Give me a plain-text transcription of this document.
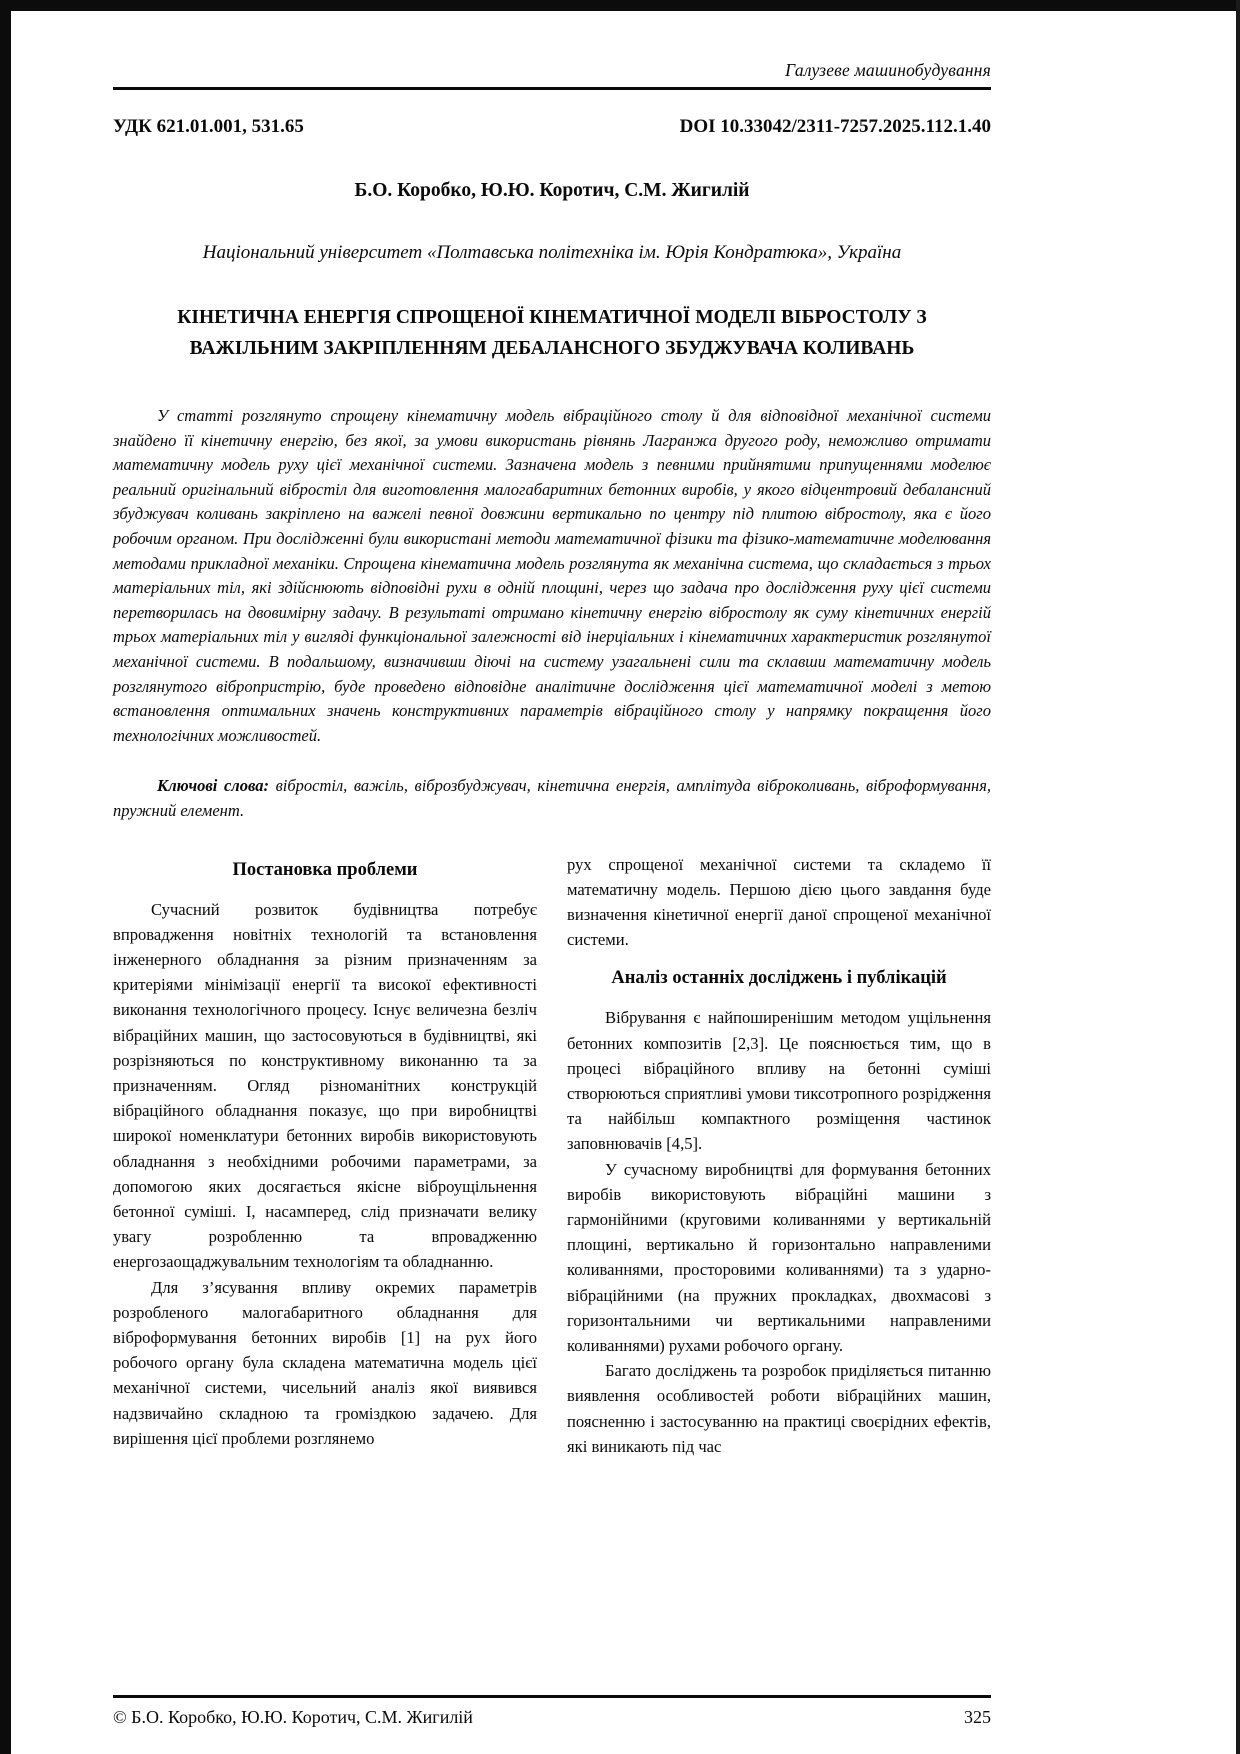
Галузеве машинобудування
УДК 621.01.001, 531.65	DOI 10.33042/2311-7257.2025.112.1.40
Б.О. Коробко, Ю.Ю. Коротич, С.М. Жигилій
Національний університет «Полтавська політехніка ім. Юрія Кондратюка», Україна
КІНЕТИЧНА ЕНЕРГІЯ СПРОЩЕНОЇ КІНЕМАТИЧНОЇ МОДЕЛІ ВІБРОСТОЛУ З ВАЖІЛЬНИМ ЗАКРІПЛЕННЯМ ДЕБАЛАНСНОГО ЗБУДЖУВАЧА КОЛИВАНЬ

У статті розглянуто спрощену кінематичну модель вібраційного столу й для відповідної механічної системи знайдено її кінетичну енергію, без якої, за умови використань рівнянь Лагранжа другого роду, неможливо отримати математичну модель руху цієї механічної системи. Зазначена модель з певними прийнятими припущеннями моделює реальний оригінальний вібростіл для виготовлення малогабаритних бетонних виробів, у якого відцентровий дебалансний збуджувач коливань закріплено на важелі певної довжини вертикально по центру під плитою вібростолу, яка є його робочим органом. При дослідженні були використані методи математичної фізики та фізико-математичне моделювання методами прикладної механіки. Спрощена кінематична модель розглянута як механічна система, що складається з трьох матеріальних тіл, які здійснюють відповідні рухи в одній площині, через що задача про дослідження руху цієї системи перетворилась на двовимірну задачу. В результаті отримано кінетичну енергію вібростолу як суму кінетичних енергій трьох матеріальних тіл у вигляді функціональної залежності від інерціальних і кінематичних характеристик розглянутої механічної системи. В подальшому, визначивши діючі на систему узагальнені сили та склавши математичну модель розглянутого вібропристрію, буде проведено відповідне аналітичне дослідження цієї математичної моделі з метою встановлення оптимальних значень конструктивних параметрів вібраційного столу у напрямку покращення його технологічних можливостей.

Ключові слова: вібростіл, важіль, віброзбуджувач, кінетична енергія, амплітуда віброколивань, віброформування, пружний елемент.

Постановка проблеми

Сучасний розвиток будівництва потребує впровадження новітніх технологій та встановлення інженерного обладнання за різним призначенням за критеріями мінімізації енергії та високої ефективності виконання технологічного процесу. Існує величезна безліч вібраційних машин, що застосовуються в будівництві, які розрізняються по конструктивному виконанню та за призначенням. Огляд різноманітних конструкцій вібраційного обладнання показує, що при виробництві широкої номенклатури бетонних виробів використовують обладнання з необхідними робочими параметрами, за допомогою яких досягається якісне віброущільнення бетонної суміші. І, насамперед, слід призначати велику увагу розробленню та впровадженню енергозаощаджувальним технологіям та обладнанню.

Для з’ясування впливу окремих параметрів розробленого малогабаритного обладнання для віброформування бетонних виробів [1] на рух його робочого органу була складена математична модель цієї механічної системи, чисельний аналіз якої виявився надзвичайно складною та громіздкою задачею. Для вирішення цієї проблеми розглянемо

рух спрощеної механічної системи та складемо її математичну модель. Першою дією цього завдання буде визначення кінетичної енергії даної спрощеної механічної системи.

Аналіз останніх досліджень і публікацій

Вібрування є найпоширенішим методом ущільнення бетонних композитів [2,3]. Це пояснюється тим, що в процесі вібраційного впливу на бетонні суміші створюються сприятливі умови тиксотропного розрідження та найбільш компактного розміщення частинок заповнювачів [4,5].

У сучасному виробництві для формування бетонних виробів використовують вібраційні машини з гармонійними (круговими коливаннями у вертикальній площині, вертикально й горизонтально направленими коливаннями, просторовими коливаннями) та з ударно-вібраційними (на пружних прокладках, двохмасові з горизонтальними чи вертикальними направленими коливаннями) рухами робочого органу.

Багато досліджень та розробок приділяється питанню виявлення особливостей роботи вібраційних машин, поясненню і застосуванню на практиці своєрідних ефектів, які виникають під час

© Б.О. Коробко, Ю.Ю. Коротич, С.М. Жигилій	325
